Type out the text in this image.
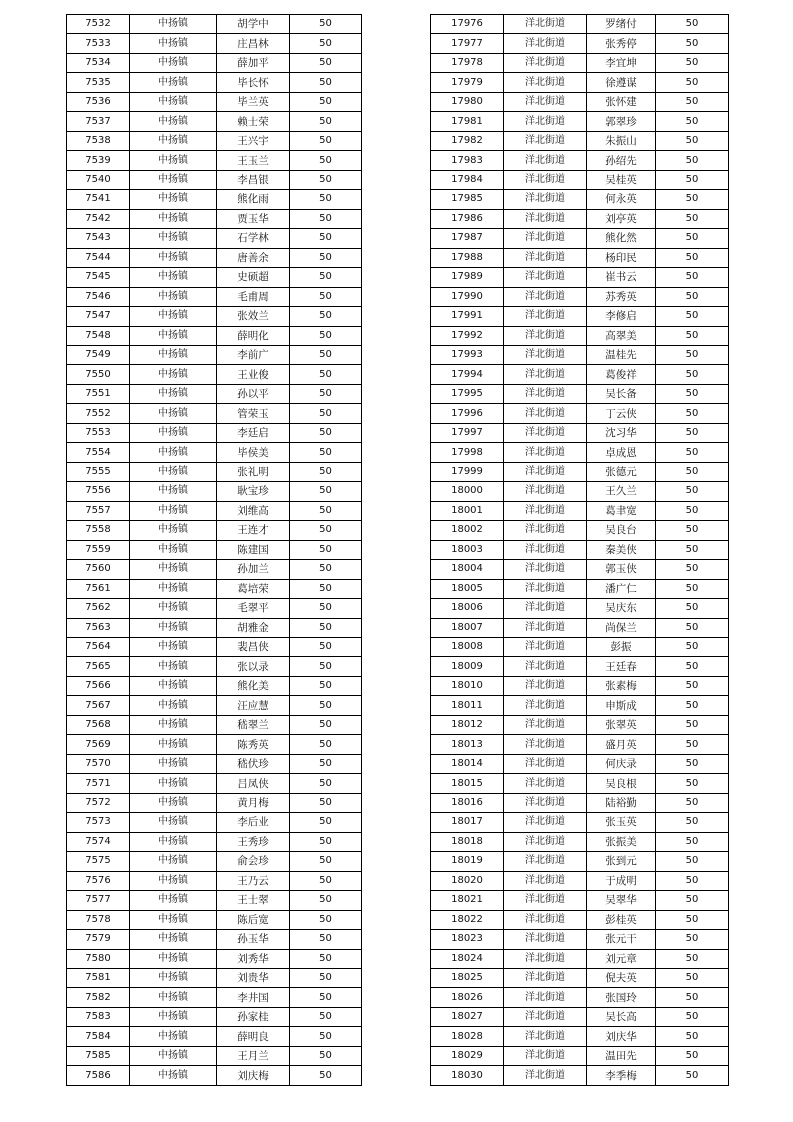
7532	中扬镇	胡学中	50
7533	中扬镇	庄昌林	50
7534	中扬镇	薛加平	50
7535	中扬镇	毕长怀	50
7536	中扬镇	毕兰英	50
7537	中扬镇	赖士荣	50
7538	中扬镇	王兴宇	50
7539	中扬镇	王玉兰	50
7540	中扬镇	李昌银	50
7541	中扬镇	熊化雨	50
7542	中扬镇	贾玉华	50
7543	中扬镇	石学林	50
7544	中扬镇	唐善余	50
7545	中扬镇	史硕超	50
7546	中扬镇	毛甫周	50
7547	中扬镇	张效兰	50
7548	中扬镇	薛明化	50
7549	中扬镇	李前广	50
7550	中扬镇	王业俊	50
7551	中扬镇	孙以平	50
7552	中扬镇	管荣玉	50
7553	中扬镇	李廷启	50
7554	中扬镇	毕侯美	50
7555	中扬镇	张礼明	50
7556	中扬镇	耿宝珍	50
7557	中扬镇	刘维高	50
7558	中扬镇	王连才	50
7559	中扬镇	陈建国	50
7560	中扬镇	孙加兰	50
7561	中扬镇	葛培荣	50
7562	中扬镇	毛翠平	50
7563	中扬镇	胡雅金	50
7564	中扬镇	裴昌侠	50
7565	中扬镇	张以录	50
7566	中扬镇	熊化美	50
7567	中扬镇	汪应慧	50
7568	中扬镇	嵇翠兰	50
7569	中扬镇	陈秀英	50
7570	中扬镇	嵇伏珍	50
7571	中扬镇	吕凤侠	50
7572	中扬镇	黄月梅	50
7573	中扬镇	李后业	50
7574	中扬镇	王秀珍	50
7575	中扬镇	俞会珍	50
7576	中扬镇	王乃云	50
7577	中扬镇	王士翠	50
7578	中扬镇	陈后宽	50
7579	中扬镇	孙玉华	50
7580	中扬镇	刘秀华	50
7581	中扬镇	刘贵华	50
7582	中扬镇	李井国	50
7583	中扬镇	孙家桂	50
7584	中扬镇	薛明良	50
7585	中扬镇	王月兰	50
7586	中扬镇	刘庆梅	50
17976	洋北街道	罗绪付	50
17977	洋北街道	张秀停	50
17978	洋北街道	李宜坤	50
17979	洋北街道	徐遵谋	50
17980	洋北街道	张怀建	50
17981	洋北街道	郭翠珍	50
17982	洋北街道	朱振山	50
17983	洋北街道	孙绍先	50
17984	洋北街道	吴桂英	50
17985	洋北街道	何永英	50
17986	洋北街道	刘亭英	50
17987	洋北街道	熊化然	50
17988	洋北街道	杨印民	50
17989	洋北街道	崔书云	50
17990	洋北街道	苏秀英	50
17991	洋北街道	李修启	50
17992	洋北街道	高翠美	50
17993	洋北街道	温桂先	50
17994	洋北街道	葛俊祥	50
17995	洋北街道	吴长备	50
17996	洋北街道	丁云侠	50
17997	洋北街道	沈习华	50
17998	洋北街道	卓成恩	50
17999	洋北街道	张德元	50
18000	洋北街道	王久兰	50
18001	洋北街道	葛聿宽	50
18002	洋北街道	吴良台	50
18003	洋北街道	秦美侠	50
18004	洋北街道	郭玉侠	50
18005	洋北街道	潘广仁	50
18006	洋北街道	吴庆东	50
18007	洋北街道	尚保兰	50
18008	洋北街道	彭振	50
18009	洋北街道	王廷春	50
18010	洋北街道	张素梅	50
18011	洋北街道	申斯成	50
18012	洋北街道	张翠英	50
18013	洋北街道	盛月英	50
18014	洋北街道	何庆录	50
18015	洋北街道	吴良根	50
18016	洋北街道	陆裕勤	50
18017	洋北街道	张玉英	50
18018	洋北街道	张振美	50
18019	洋北街道	张到元	50
18020	洋北街道	于成明	50
18021	洋北街道	吴翠华	50
18022	洋北街道	彭桂英	50
18023	洋北街道	张元干	50
18024	洋北街道	刘元章	50
18025	洋北街道	倪夫英	50
18026	洋北街道	张国玲	50
18027	洋北街道	吴长高	50
18028	洋北街道	刘庆华	50
18029	洋北街道	温田先	50
18030	洋北街道	李季梅	50
